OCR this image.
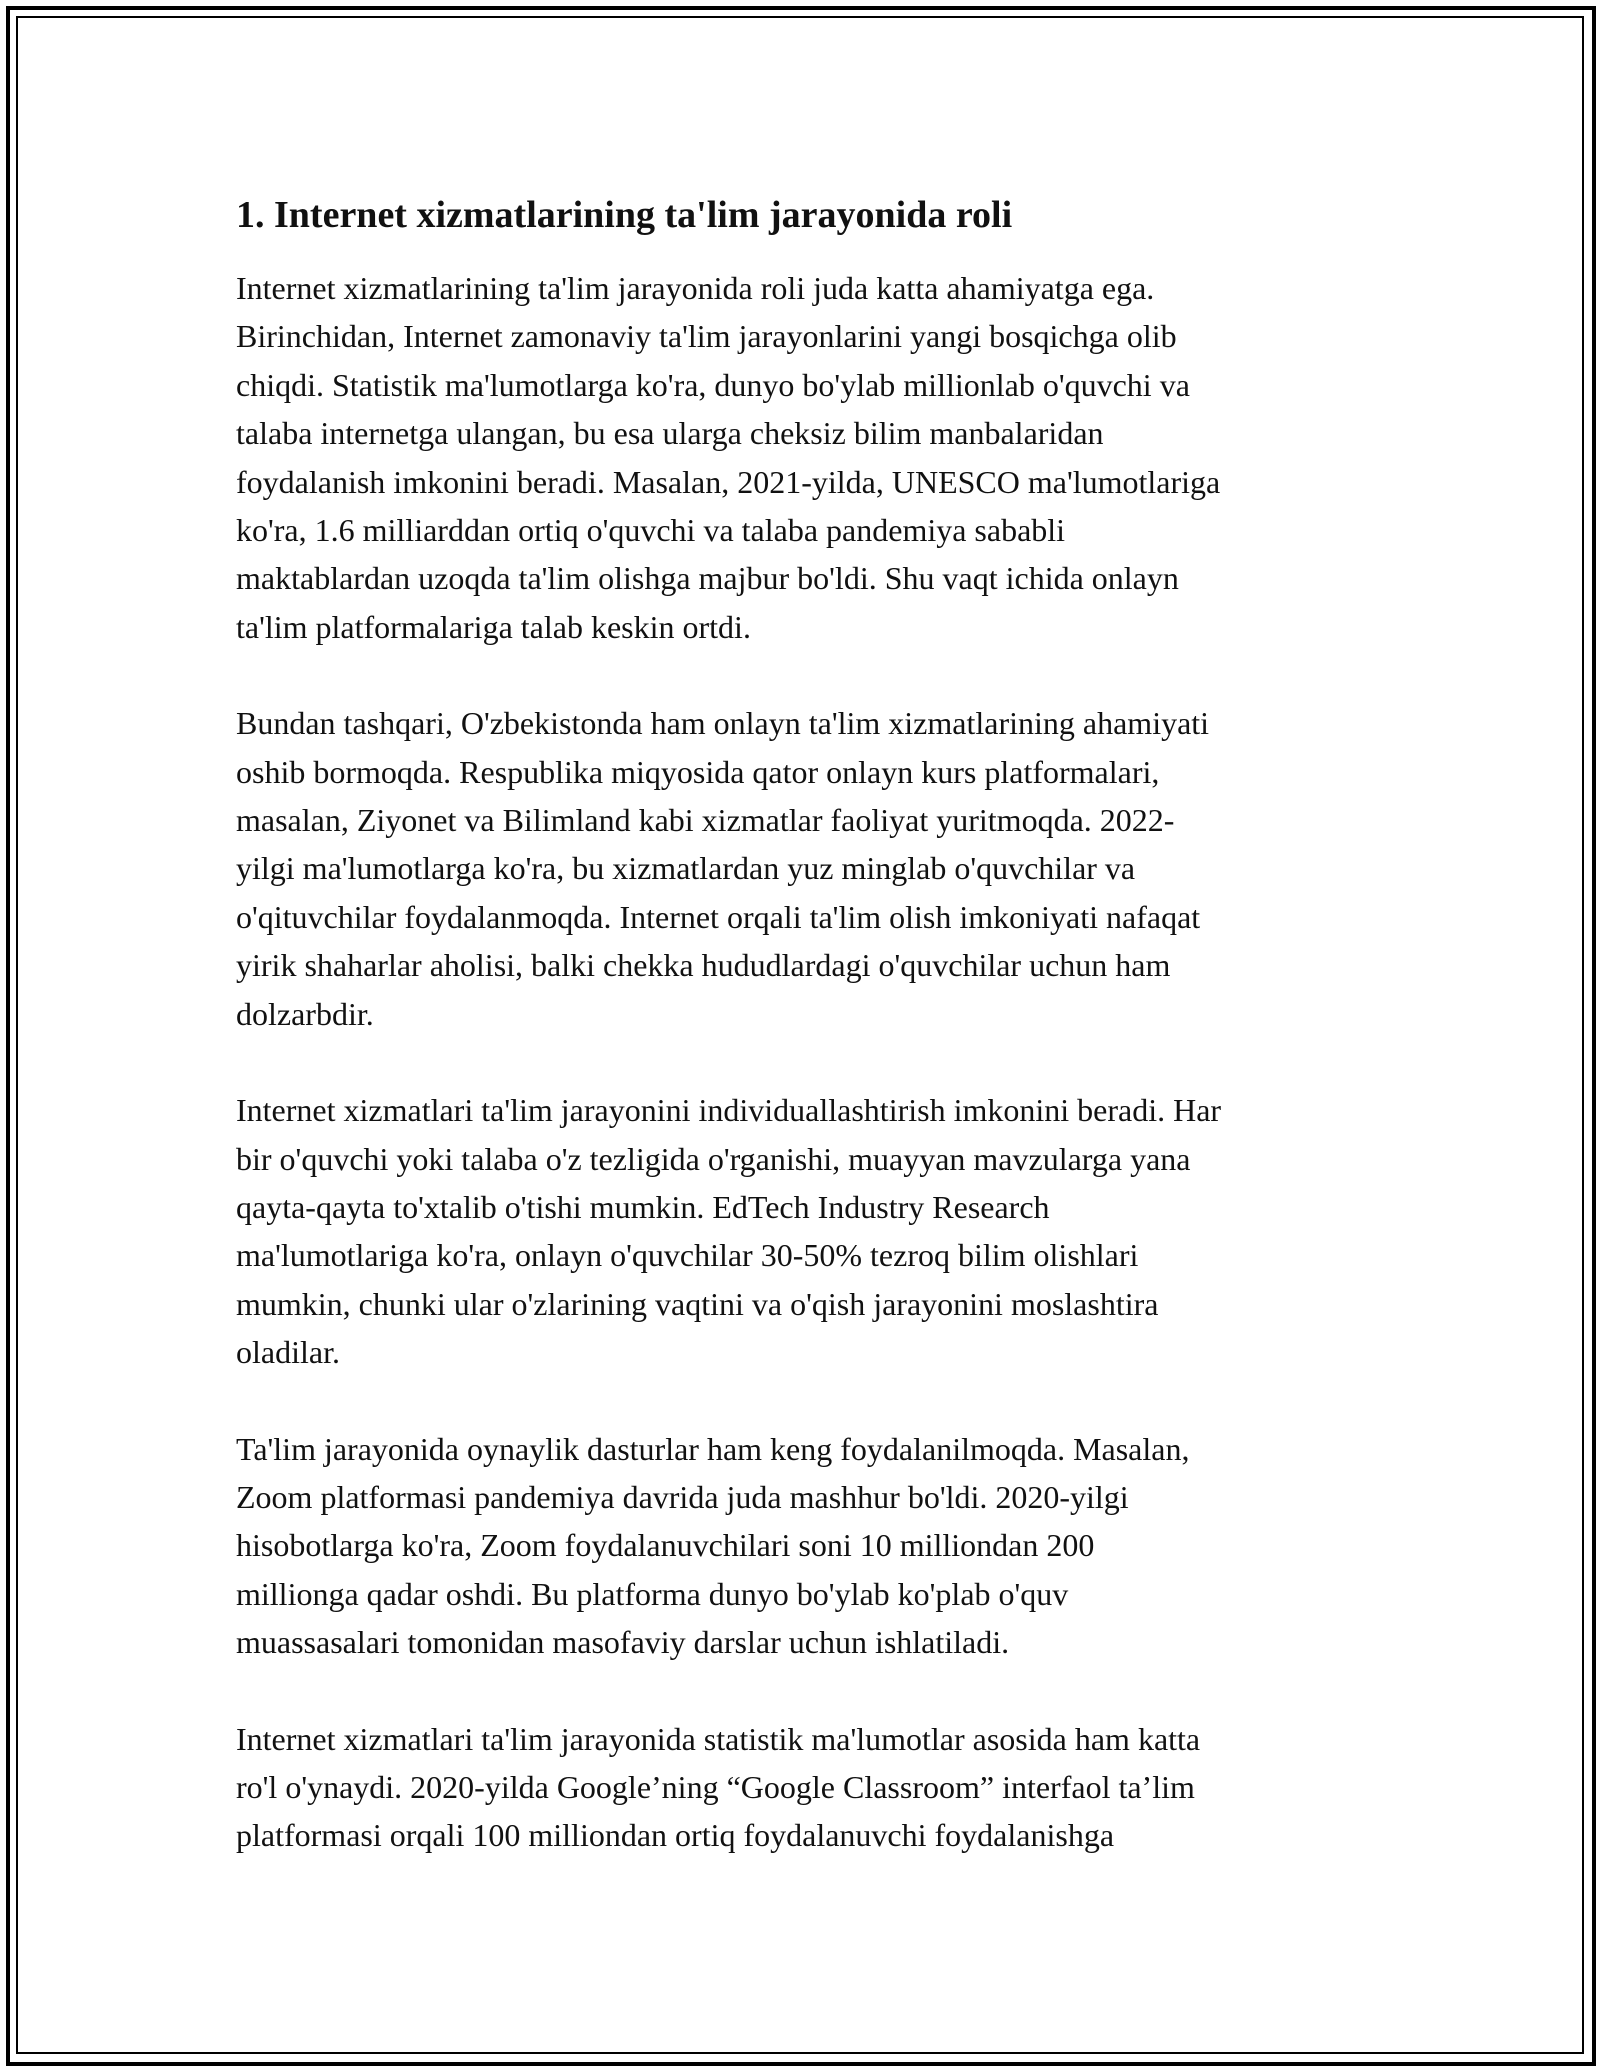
1. Internet xizmatlarining ta'lim jarayonida roli

Internet xizmatlarining ta'lim jarayonida roli juda katta ahamiyatga ega.
Birinchidan, Internet zamonaviy ta'lim jarayonlarini yangi bosqichga olib
chiqdi. Statistik ma'lumotlarga ko'ra, dunyo bo'ylab millionlab o'quvchi va
talaba internetga ulangan, bu esa ularga cheksiz bilim manbalaridan
foydalanish imkonini beradi. Masalan, 2021-yilda, UNESCO ma'lumotlariga
ko'ra, 1.6 milliarddan ortiq o'quvchi va talaba pandemiya sababli
maktablardan uzoqda ta'lim olishga majbur bo'ldi. Shu vaqt ichida onlayn
ta'lim platformalariga talab keskin ortdi.

Bundan tashqari, O'zbekistonda ham onlayn ta'lim xizmatlarining ahamiyati
oshib bormoqda. Respublika miqyosida qator onlayn kurs platformalari,
masalan, Ziyonet va Bilimland kabi xizmatlar faoliyat yuritmoqda. 2022-
yilgi ma'lumotlarga ko'ra, bu xizmatlardan yuz minglab o'quvchilar va
o'qituvchilar foydalanmoqda. Internet orqali ta'lim olish imkoniyati nafaqat
yirik shaharlar aholisi, balki chekka hududlardagi o'quvchilar uchun ham
dolzarbdir.

Internet xizmatlari ta'lim jarayonini individuallashtirish imkonini beradi. Har
bir o'quvchi yoki talaba o'z tezligida o'rganishi, muayyan mavzularga yana
qayta-qayta to'xtalib o'tishi mumkin. EdTech Industry Research
ma'lumotlariga ko'ra, onlayn o'quvchilar 30-50% tezroq bilim olishlari
mumkin, chunki ular o'zlarining vaqtini va o'qish jarayonini moslashtira
oladilar.

Ta'lim jarayonida oynaylik dasturlar ham keng foydalanilmoqda. Masalan,
Zoom platformasi pandemiya davrida juda mashhur bo'ldi. 2020-yilgi
hisobotlarga ko'ra, Zoom foydalanuvchilari soni 10 milliondan 200
millionga qadar oshdi. Bu platforma dunyo bo'ylab ko'plab o'quv
muassasalari tomonidan masofaviy darslar uchun ishlatiladi.

Internet xizmatlari ta'lim jarayonida statistik ma'lumotlar asosida ham katta
ro'l o'ynaydi. 2020-yilda Google’ning “Google Classroom” interfaol ta’lim
platformasi orqali 100 milliondan ortiq foydalanuvchi foydalanishga
